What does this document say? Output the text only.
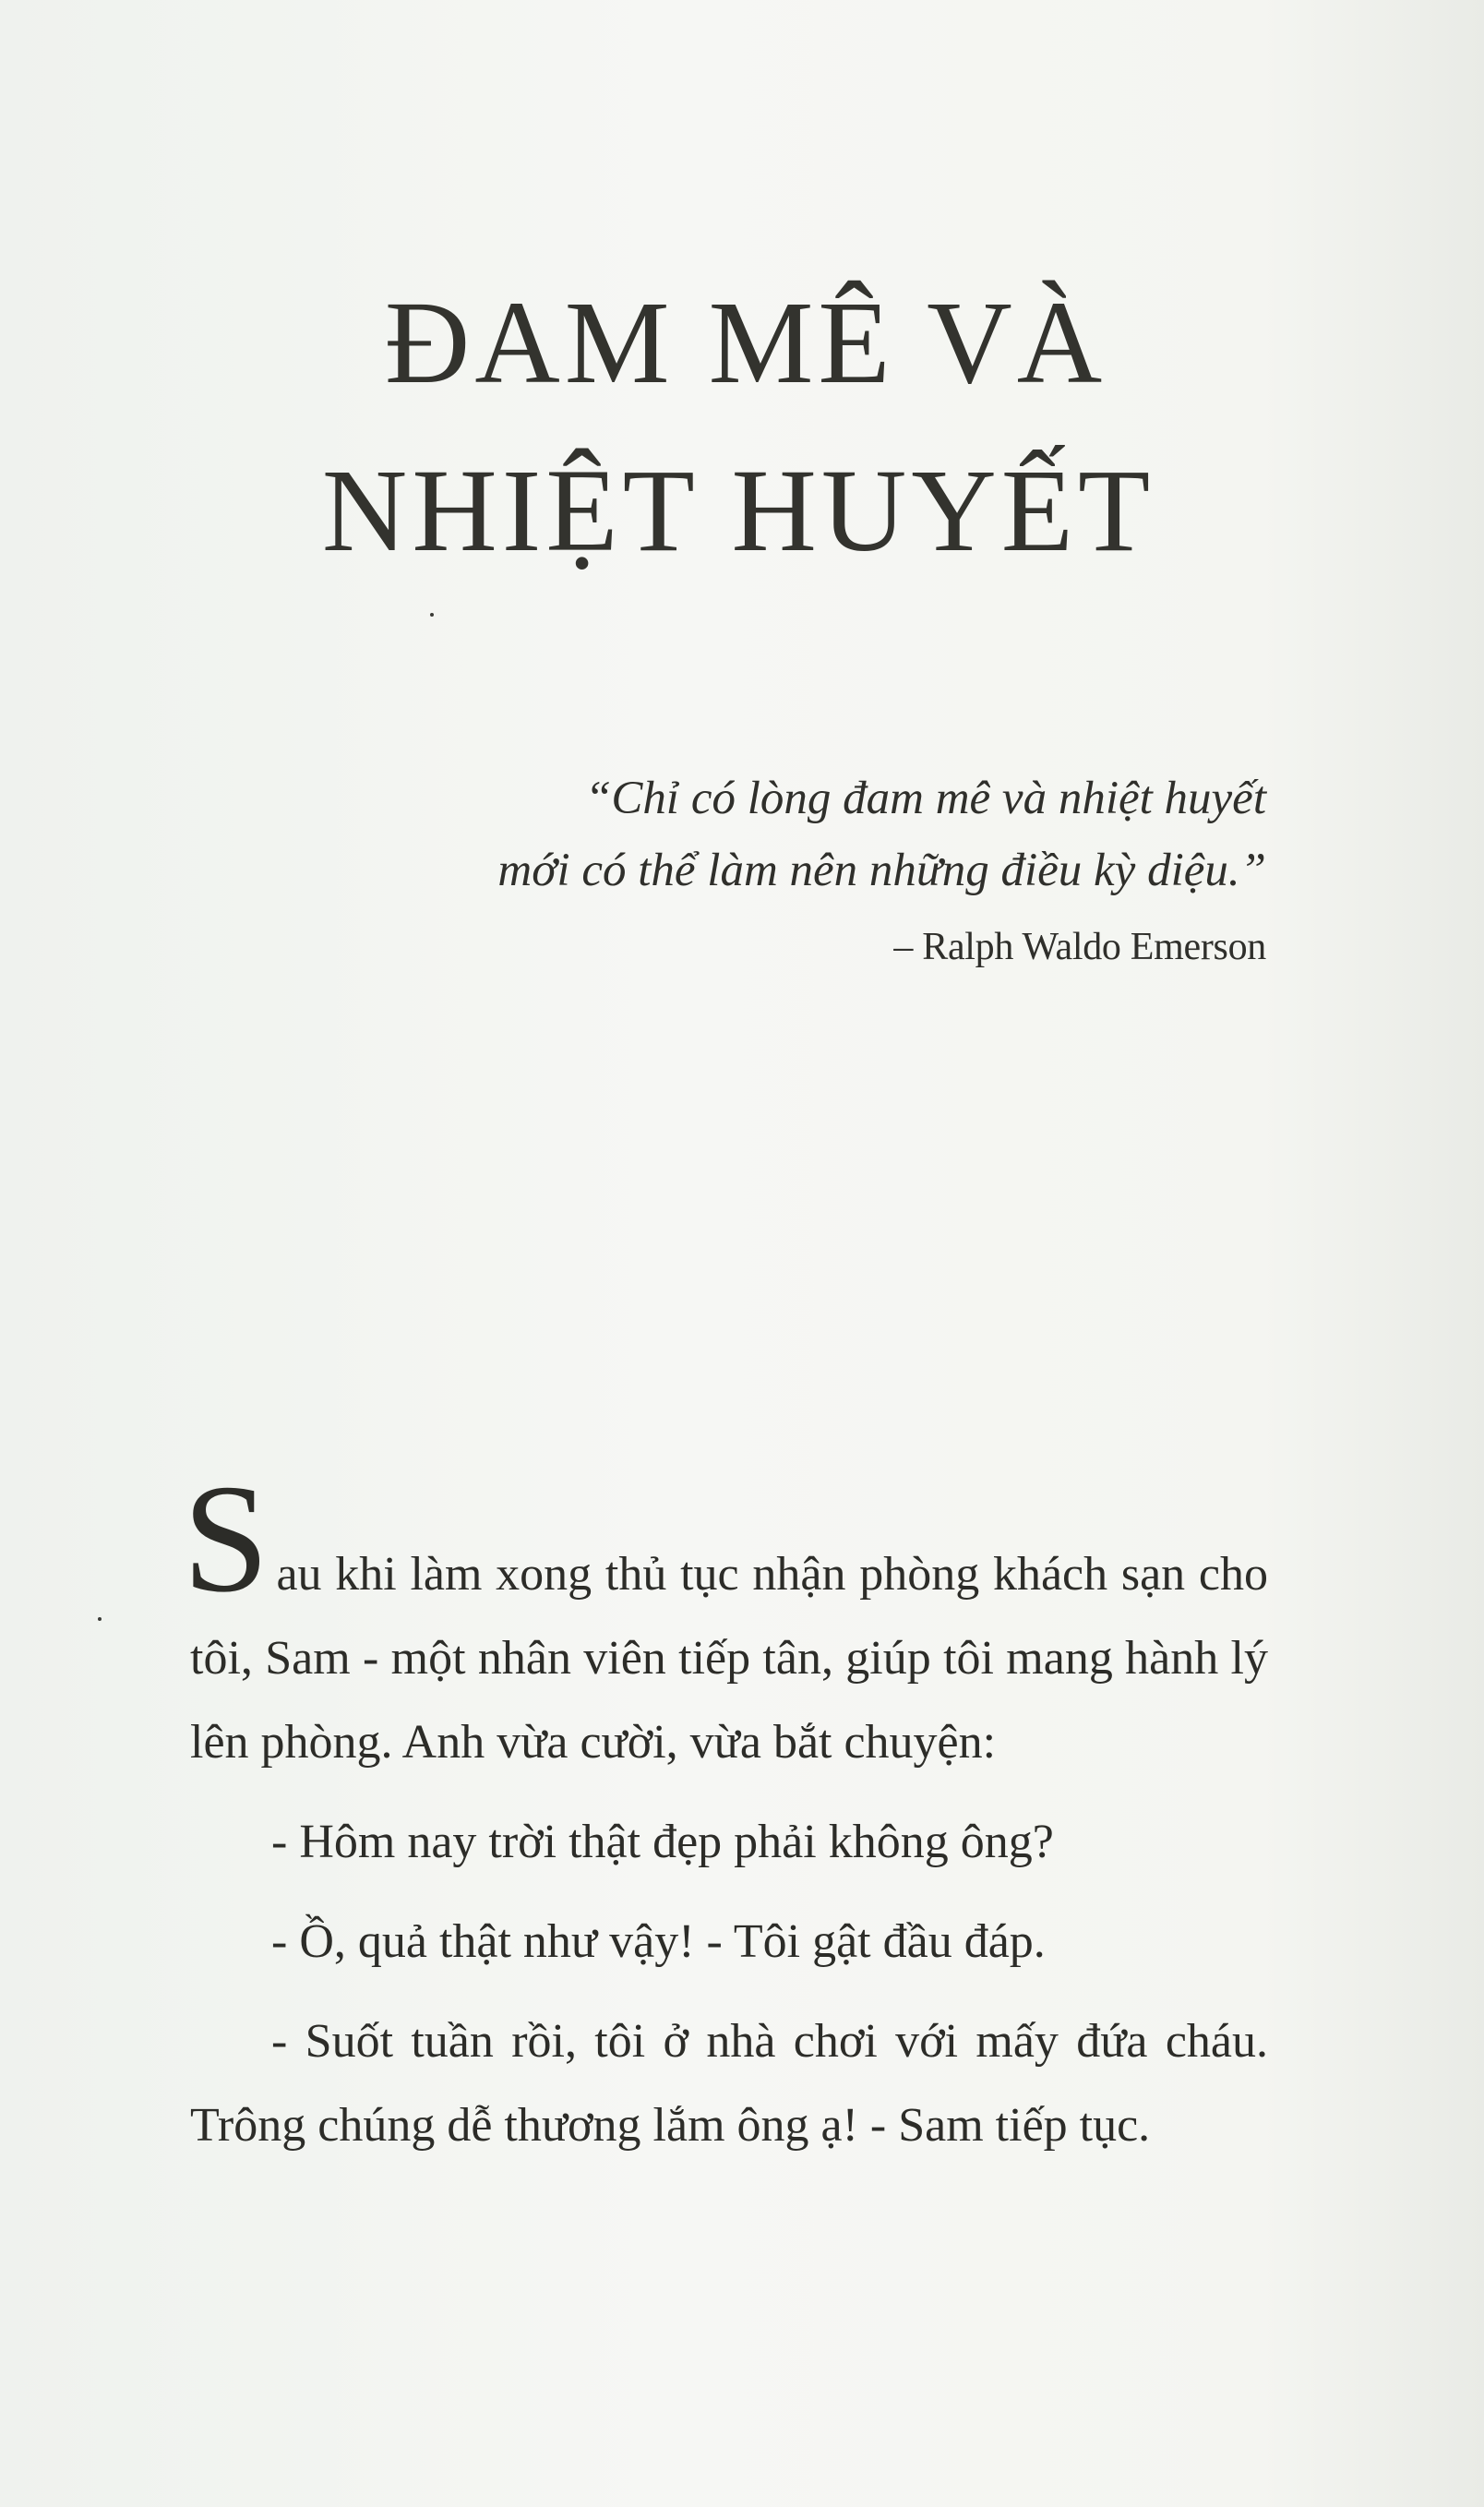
ĐAM MÊ VÀ
NHIỆT HUYẾT
“Chỉ có lòng đam mê và nhiệt huyết
mới có thể làm nên những điều kỳ diệu.”
– Ralph Waldo Emerson

S au khi làm xong thủ tục nhận phòng khách sạn cho tôi, Sam - một nhân viên tiếp tân, giúp tôi mang hành lý lên phòng. Anh vừa cười, vừa bắt chuyện:

- Hôm nay trời thật đẹp phải không ông?

- Ồ, quả thật như vậy! - Tôi gật đầu đáp.

- Suốt tuần rồi, tôi ở nhà chơi với mấy đứa cháu. Trông chúng dễ thương lắm ông ạ! - Sam tiếp tục.
